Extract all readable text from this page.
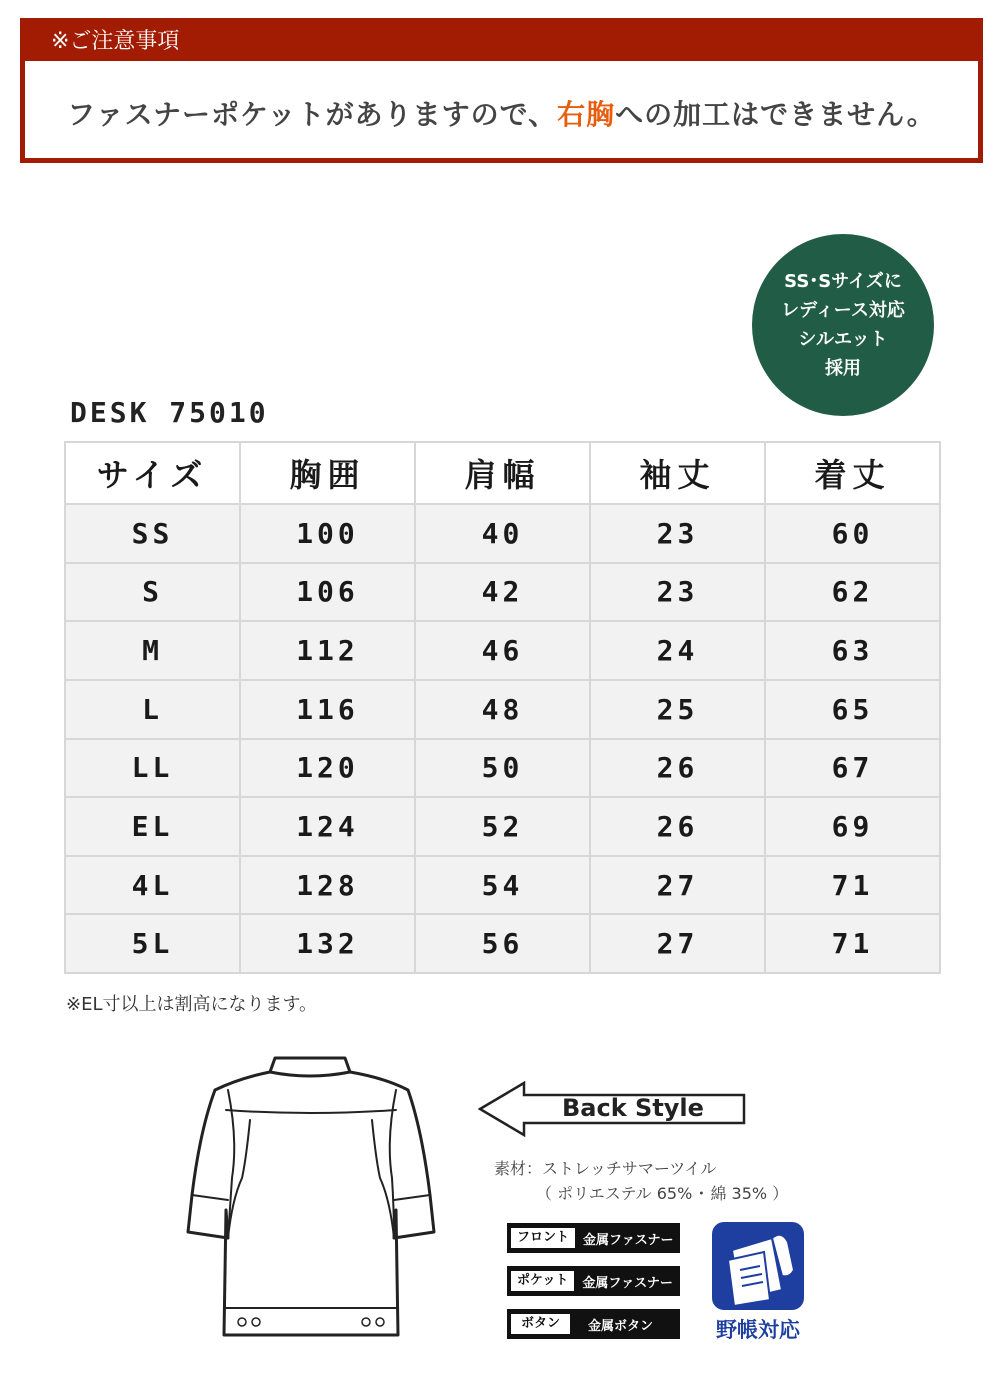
※ご注意事項
ファスナーポケットがありますので、右胸への加工はできません。
SS･Sサイズに
レディース対応
シルエット
採用
DESK 75010
サイズ	胸囲	肩幅	袖丈	着丈
SS	100	40	23	60
S	106	42	23	62
M	112	46	24	63
L	116	48	25	65
LL	120	50	26	67
EL	124	52	26	69
4L	128	54	27	71
5L	132	56	27	71
※EL寸以上は割高になります。
Back Style
素材：ストレッチサマーツイル
（ ポリエステル 65% ･ 綿 35% ）
フロント	金属ファスナー
ポケット	金属ファスナー
ボタン	金属ボタン	野帳対応
